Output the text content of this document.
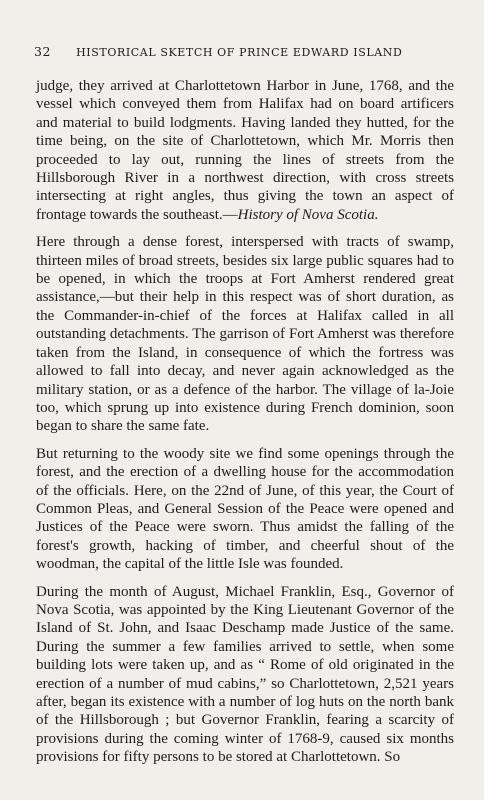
32 HISTORICAL SKETCH OF PRINCE EDWARD ISLAND

judge, they arrived at Charlottetown Harbor in June, 1768, and the vessel which conveyed them from Halifax had on board artificers and material to build lodgments. Having landed they hutted, for the time being, on the site of Charlottetown, which Mr. Morris then proceeded to lay out, running the lines of streets from the Hillsborough River in a northwest direction, with cross streets intersecting at right angles, thus giving the town an aspect of frontage towards the southeast.—History of Nova Scotia.

Here through a dense forest, interspersed with tracts of swamp, thirteen miles of broad streets, besides six large public squares had to be opened, in which the troops at Fort Amherst rendered great assistance,—but their help in this respect was of short duration, as the Commander-in-chief of the forces at Halifax called in all outstanding detachments. The garrison of Fort Amherst was therefore taken from the Island, in consequence of which the fortress was allowed to fall into decay, and never again acknowledged as the military station, or as a defence of the harbor. The village of la-Joie too, which sprung up into existence during French dominion, soon began to share the same fate.

But returning to the woody site we find some openings through the forest, and the erection of a dwelling house for the accommodation of the officials. Here, on the 22nd of June, of this year, the Court of Common Pleas, and General Session of the Peace were opened and Justices of the Peace were sworn. Thus amidst the falling of the forest's growth, hacking of timber, and cheerful shout of the woodman, the capital of the little Isle was founded.

During the month of August, Michael Franklin, Esq., Governor of Nova Scotia, was appointed by the King Lieutenant Governor of the Island of St. John, and Isaac Deschamp made Justice of the same. During the summer a few families arrived to settle, when some building lots were taken up, and as “ Rome of old originated in the erection of a number of mud cabins,” so Charlottetown, 2,521 years after, began its existence with a number of log huts on the north bank of the Hillsborough ; but Governor Franklin, fearing a scarcity of provisions during the coming winter of 1768-9, caused six months provisions for fifty persons to be stored at Charlottetown. So
